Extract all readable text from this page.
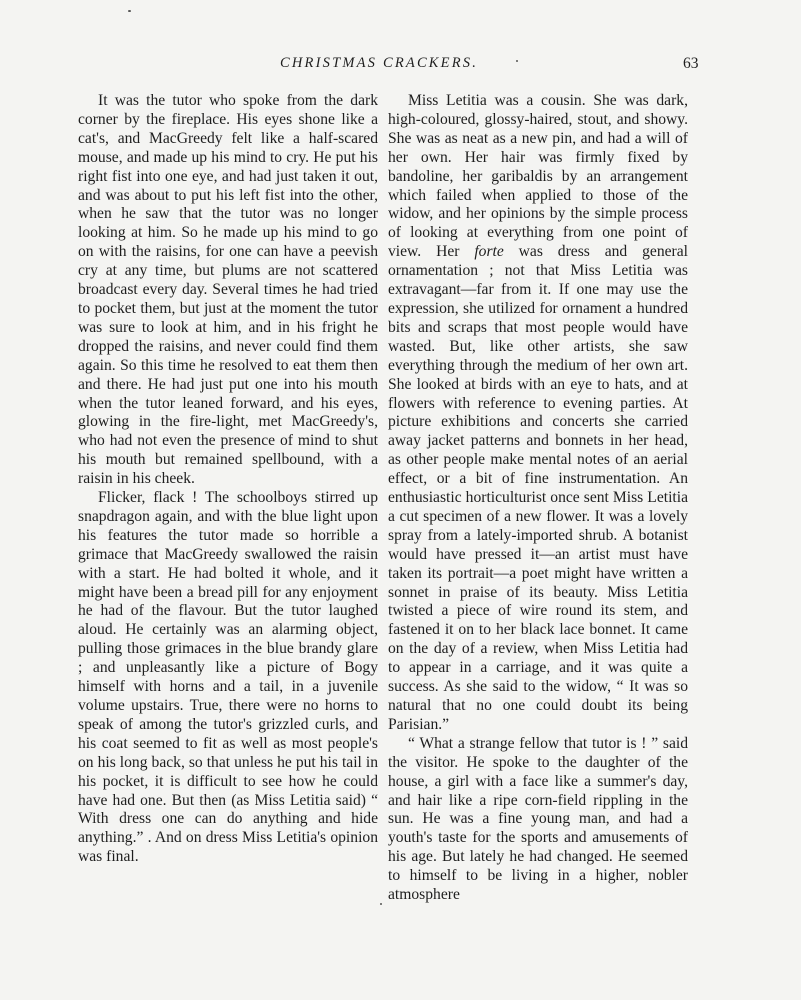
CHRISTMAS CRACKERS.	63

It was the tutor who spoke from the dark corner by the fireplace. His eyes shone like a cat's, and MacGreedy felt like a half-scared mouse, and made up his mind to cry. He put his right fist into one eye, and had just taken it out, and was about to put his left fist into the other, when he saw that the tutor was no longer looking at him. So he made up his mind to go on with the raisins, for one can have a peevish cry at any time, but plums are not scattered broadcast every day. Several times he had tried to pocket them, but just at the moment the tutor was sure to look at him, and in his fright he dropped the raisins, and never could find them again. So this time he resolved to eat them then and there. He had just put one into his mouth when the tutor leaned forward, and his eyes, glowing in the fire-light, met MacGreedy's, who had not even the presence of mind to shut his mouth but remained spellbound, with a raisin in his cheek.

Flicker, flack ! The schoolboys stirred up snapdragon again, and with the blue light upon his features the tutor made so horrible a grimace that MacGreedy swallowed the raisin with a start. He had bolted it whole, and it might have been a bread pill for any enjoyment he had of the flavour. But the tutor laughed aloud. He certainly was an alarming object, pulling those grimaces in the blue brandy glare ; and unpleasantly like a picture of Bogy himself with horns and a tail, in a juvenile volume upstairs. True, there were no horns to speak of among the tutor's grizzled curls, and his coat seemed to fit as well as most people's on his long back, so that unless he put his tail in his pocket, it is difficult to see how he could have had one. But then (as Miss Letitia said) “ With dress one can do anything and hide anything.” . And on dress Miss Letitia's opinion was final.

Miss Letitia was a cousin. She was dark, high-coloured, glossy-haired, stout, and showy. She was as neat as a new pin, and had a will of her own. Her hair was firmly fixed by bandoline, her garibaldis by an arrangement which failed when applied to those of the widow, and her opinions by the simple process of looking at everything from one point of view. Her forte was dress and general ornamentation ; not that Miss Letitia was extravagant—far from it. If one may use the expression, she utilized for ornament a hundred bits and scraps that most people would have wasted. But, like other artists, she saw everything through the medium of her own art. She looked at birds with an eye to hats, and at flowers with reference to evening parties. At picture exhibitions and concerts she carried away jacket patterns and bonnets in her head, as other people make mental notes of an aerial effect, or a bit of fine instrumentation. An enthusiastic horticulturist once sent Miss Letitia a cut specimen of a new flower. It was a lovely spray from a lately-imported shrub. A botanist would have pressed it—an artist must have taken its portrait—a poet might have written a sonnet in praise of its beauty. Miss Letitia twisted a piece of wire round its stem, and fastened it on to her black lace bonnet. It came on the day of a review, when Miss Letitia had to appear in a carriage, and it was quite a success. As she said to the widow, “ It was so natural that no one could doubt its being Parisian.”

“ What a strange fellow that tutor is ! ” said the visitor. He spoke to the daughter of the house, a girl with a face like a summer's day, and hair like a ripe corn-field rippling in the sun. He was a fine young man, and had a youth's taste for the sports and amusements of his age. But lately he had changed. He seemed to himself to be living in a higher, nobler atmosphere
